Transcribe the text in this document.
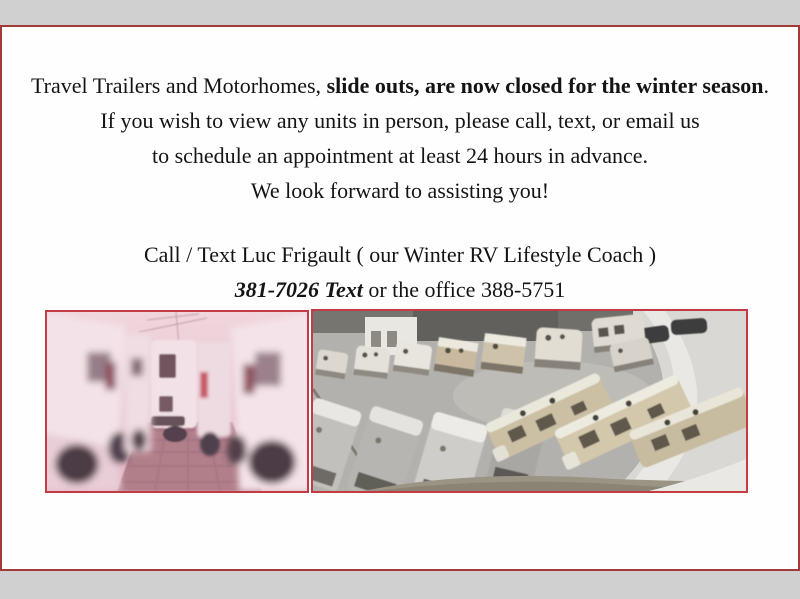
Travel Trailers and Motorhomes, slide outs, are now closed for the winter season.
If you wish to view any units in person, please call, text, or email us
to schedule an appointment at least 24 hours in advance.
We look forward to assisting you!
Call / Text Luc Frigault ( our Winter RV Lifestyle Coach )
381-7026 Text or the office 388-5751
